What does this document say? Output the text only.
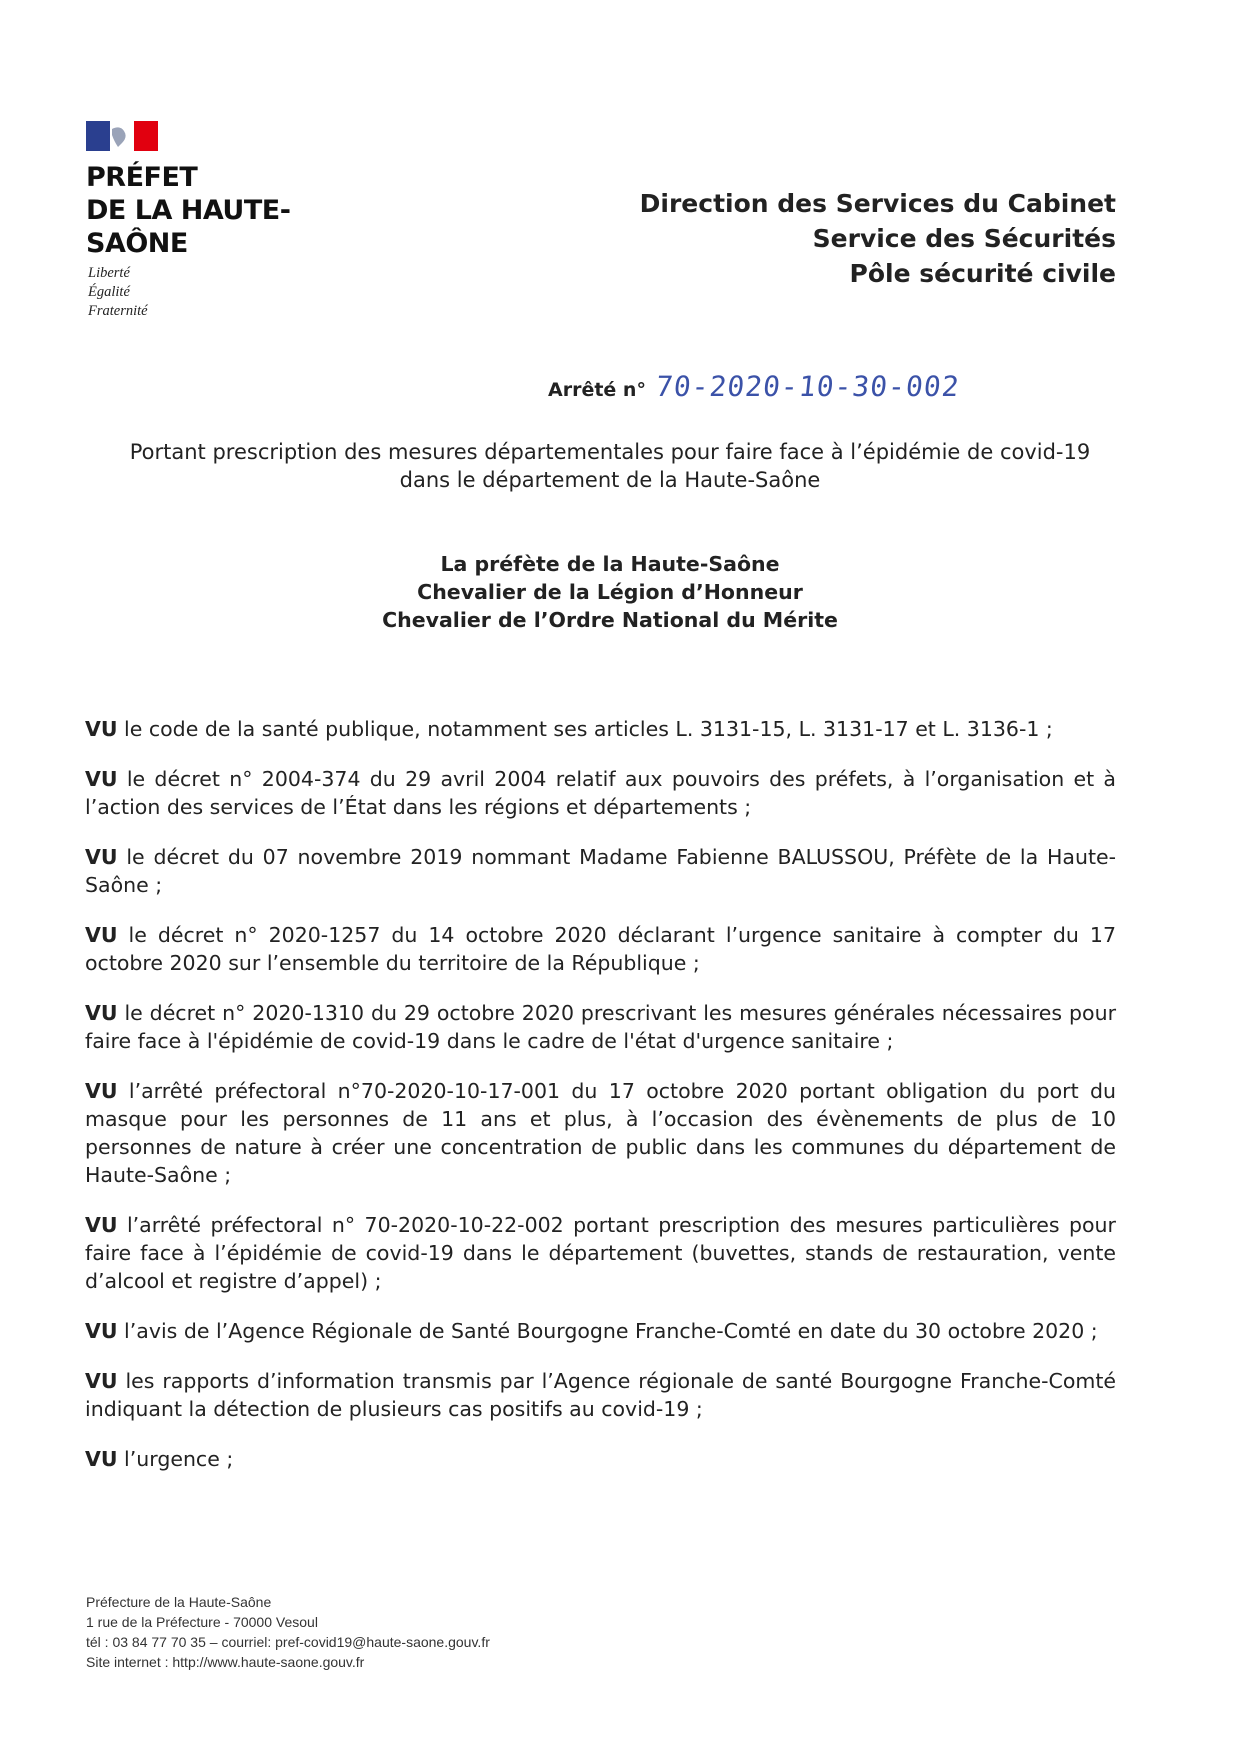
PRÉFET
DE LA HAUTE-
SAÔNE
Liberté
Égalité
Fraternité
Direction des Services du Cabinet
Service des Sécurités
Pôle sécurité civile
Arrêté n° 70-2020-10-30-002
Portant prescription des mesures départementales pour faire face à l’épidémie de covid-19
dans le département de la Haute-Saône
La préfète de la Haute-Saône
Chevalier de la Légion d’Honneur
Chevalier de l’Ordre National du Mérite

VU le code de la santé publique, notamment ses articles L. 3131-15, L. 3131-17 et L. 3136-1 ;

VU le décret n° 2004-374 du 29 avril 2004 relatif aux pouvoirs des préfets, à l’organisation et à l’action des services de l’État dans les régions et départements ;

VU le décret du 07 novembre 2019 nommant Madame Fabienne BALUSSOU, Préfète de la Haute-Saône ;

VU le décret n° 2020-1257 du 14 octobre 2020 déclarant l’urgence sanitaire à compter du 17 octobre 2020 sur l’ensemble du territoire de la République ;

VU le décret n° 2020-1310 du 29 octobre 2020 prescrivant les mesures générales nécessaires pour faire face à l'épidémie de covid-19 dans le cadre de l'état d'urgence sanitaire ;

VU l’arrêté préfectoral n°70-2020-10-17-001 du 17 octobre 2020 portant obligation du port du masque pour les personnes de 11 ans et plus, à l’occasion des évènements de plus de 10 personnes de nature à créer une concentration de public dans les communes du département de Haute-Saône ;

VU l’arrêté préfectoral n° 70-2020-10-22-002 portant prescription des mesures particulières pour faire face à l’épidémie de covid-19 dans le département (buvettes, stands de restauration, vente d’alcool et registre d’appel) ;

VU l’avis de l’Agence Régionale de Santé Bourgogne Franche-Comté en date du 30 octobre 2020 ;

VU les rapports d’information transmis par l’Agence régionale de santé Bourgogne Franche-Comté indiquant la détection de plusieurs cas positifs au covid-19 ;

VU l’urgence ;

Préfecture de la Haute-Saône
1 rue de la Préfecture - 70000 Vesoul
tél : 03 84 77 70 35 – courriel: pref-covid19@haute-saone.gouv.fr
Site internet : http://www.haute-saone.gouv.fr
